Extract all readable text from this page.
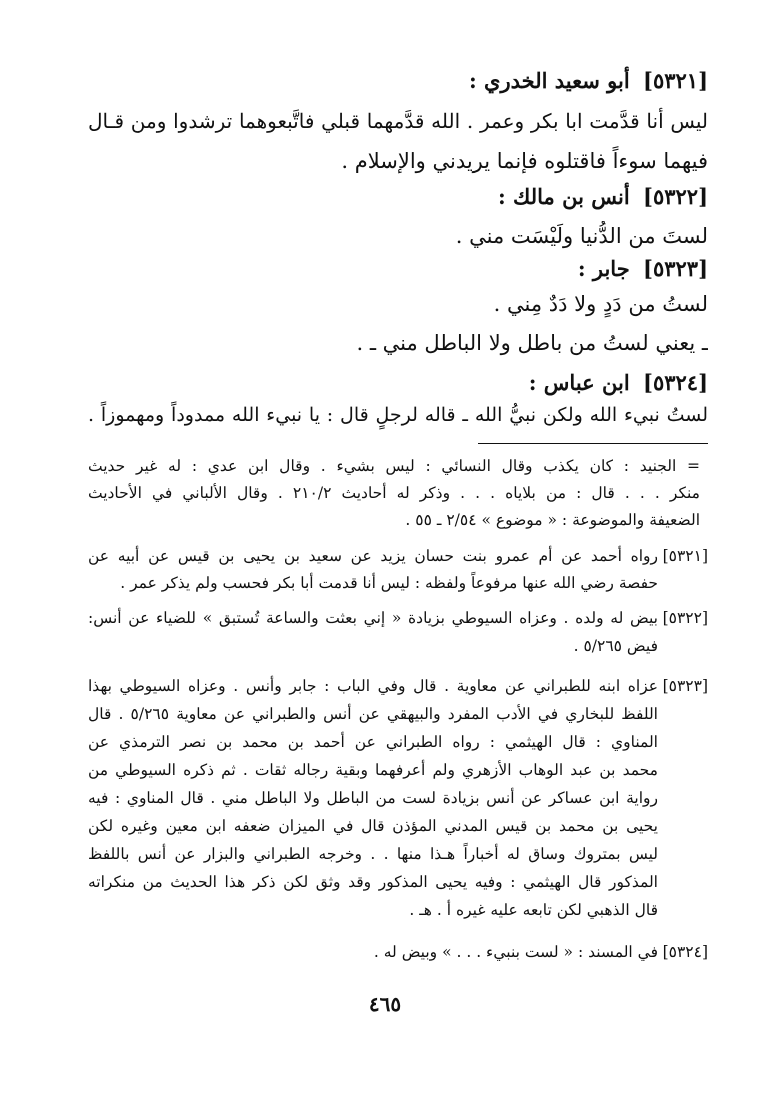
[٥٣٢١] أبو سعيد الخدري :
ليس أنا قدَّمت ابا بكر وعمر . الله قدَّمهما قبلي فاتَّبعوهما ترشدوا ومن قـال
فيهما سوءاً فاقتلوه فإنما يريدني والإسلام .
[٥٣٢٢] أنس بن مالك :
لستَ من الدُّنيا ولَيْسَت مني .
[٥٣٢٣] جابر :
لستُ من دَدٍ ولا دَدٌ مِني .
ـ يعني لستُ من باطل ولا الباطل مني ـ .
[٥٣٢٤] ابن عباس :
لستُ نبيء الله ولكن نبيُّ الله ـ قاله لرجلٍ قال : يا نبيء الله ممدوداً ومهموزاً .
= الجنيد : كان يكذب وقال النسائي : ليس بشيء . وقال ابن عدي : له غير حديث
منكر . . . قال : من بلاياه . . . وذكر له أحاديث ٢١٠/٢ . وقال الألباني في الأحاديث
الضعيفة والموضوعة : « موضوع » ٢/٥٤ ـ ٥٥ .
[٥٣٢١]
رواه أحمد عن أم عمرو بنت حسان يزيد عن سعيد بن يحيى بن قيس عن أبيه عن
حفصة رضي الله عنها مرفوعاً ولفظه : ليس أنا قدمت أبا بكر فحسب ولم يذكر عمر .
[٥٣٢٢]
بيض له ولده . وعزاه السيوطي بزيادة « إني بعثت والساعة تُستبق » للضياء عن أنس:
فيض ٥/٢٦٥ .
[٥٣٢٣]
عزاه ابنه للطبراني عن معاوية . قال وفي الباب : جابر وأنس . وعزاه السيوطي بهذا
اللفظ للبخاري في الأدب المفرد والبيهقي عن أنس والطبراني عن معاوية ٥/٢٦٥ . قال
المناوي : قال الهيثمي : رواه الطبراني عن أحمد بن محمد بن نصر الترمذي عن
محمد بن عبد الوهاب الأزهري ولم أعرفهما وبقية رجاله ثقات . ثم ذكره السيوطي من
رواية ابن عساكر عن أنس بزيادة لست من الباطل ولا الباطل مني . قال المناوي : فيه
يحيى بن محمد بن قيس المدني المؤذن قال في الميزان ضعفه ابن معين وغيره لكن
ليس بمتروك وساق له أخباراً هـذا منها . . وخرجه الطبراني والبزار عن أنس باللفظ
المذكور قال الهيثمي : وفيه يحيى المذكور وقد وثق لكن ذكر هذا الحديث من منكراته
قال الذهبي لكن تابعه عليه غيره أ . هـ .
[٥٣٢٤]
في المسند : « لست بنبيء . . . » وبيض له .
٤٦٥
